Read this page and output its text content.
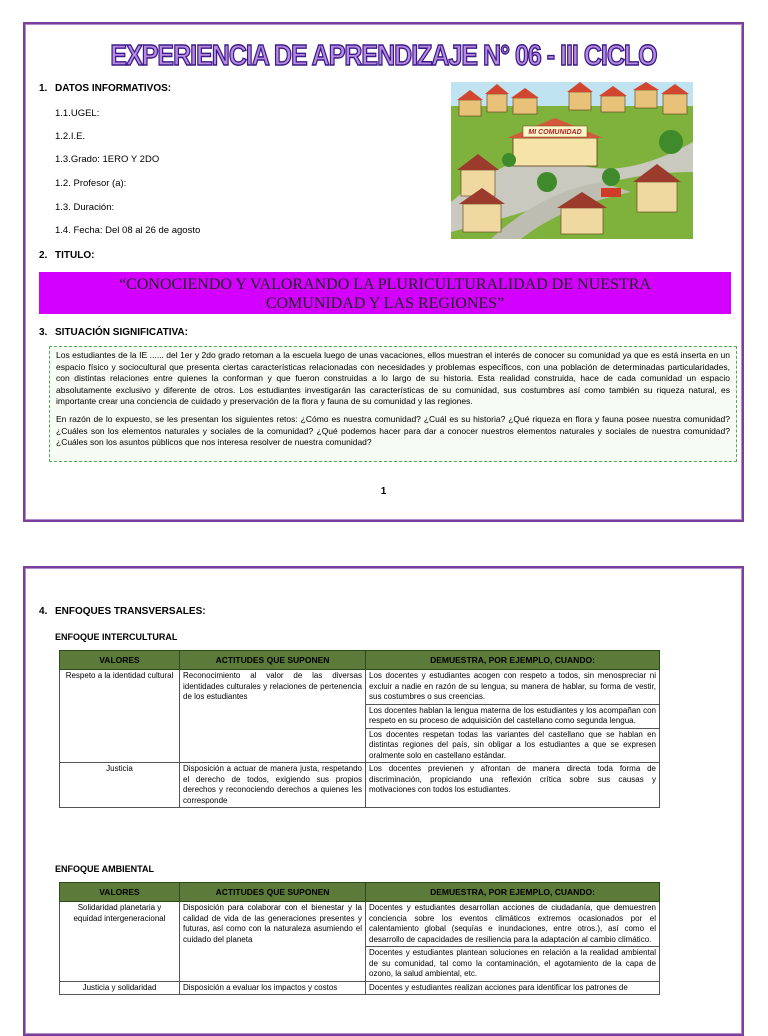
EXPERIENCIA DE APRENDIZAJE N° 06 - III CICLO
1. DATOS INFORMATIVOS:
1.1.UGEL:
1.2.I.E.
1.3.Grado: 1ERO Y 2DO
1.2. Profesor (a):
1.3. Duración:
1.4. Fecha: Del 08 al 26 de agosto
MI COMUNIDAD
2. TITULO:
“CONOCIENDO Y VALORANDO LA PLURICULTURALIDAD DE NUESTRA
COMUNIDAD Y LAS REGIONES”
3. SITUACIÓN SIGNIFICATIVA:

Los estudiantes de la IE ...... del 1er y 2do grado retoman a la escuela luego de unas vacaciones, ellos muestran el interés de conocer su comunidad ya que es está inserta en un espacio físico y sociocultural que presenta ciertas características relacionadas con necesidades y problemas específicos, con una población de determinadas particularidades, con distintas relaciones entre quienes la conforman y que fueron construidas a lo largo de su historia. Esta realidad construida, hace de cada comunidad un espacio absolutamente exclusivo y diferente de otros. Los estudiantes investigarán las características de su comunidad, sus costumbres así como también su riqueza natural, es importante crear una conciencia de cuidado y preservación de la flora y fauna de su comunidad y las regiones.

En razón de lo expuesto, se les presentan los siguientes retos: ¿Cómo es nuestra comunidad? ¿Cuál es su historia? ¿Qué riqueza en flora y fauna posee nuestra comunidad? ¿Cuáles son los elementos naturales y sociales de la comunidad? ¿Qué podemos hacer para dar a conocer nuestros elementos naturales y sociales de nuestra comunidad? ¿Cuáles son los asuntos públicos que nos interesa resolver de nuestra comunidad?

1
4. ENFOQUES TRANSVERSALES:
ENFOQUE INTERCULTURAL
VALORES	ACTITUDES QUE SUPONEN	DEMUESTRA, POR EJEMPLO, CUANDO:
Respeto a la identidad cultural	Reconocimiento al valor de las diversas identidades culturales y relaciones de pertenencia de los estudiantes	Los docentes y estudiantes acogen con respeto a todos, sin menospreciar ni excluir a nadie en razón de su lengua, su manera de hablar, su forma de vestir, sus costumbres o sus creencias.
		Los docentes hablan la lengua materna de los estudiantes y los acompañan con respeto en su proceso de adquisición del castellano como segunda lengua.
		Los docentes respetan todas las variantes del castellano que se hablan en distintas regiones del país, sin obligar a los estudiantes a que se expresen oralmente solo en castellano estándar.
Justicia	Disposición a actuar de manera justa, respetando el derecho de todos, exigiendo sus propios derechos y reconociendo derechos a quienes les corresponde	Los docentes previenen y afrontan de manera directa toda forma de discriminación, propiciando una reflexión crítica sobre sus causas y motivaciones con todos los estudiantes.
ENFOQUE AMBIENTAL
VALORES	ACTITUDES QUE SUPONEN	DEMUESTRA, POR EJEMPLO, CUANDO:
Solidaridad planetaria y equidad intergeneracional	Disposición para colaborar con el bienestar y la calidad de vida de las generaciones presentes y futuras, así como con la naturaleza asumiendo el cuidado del planeta	Docentes y estudiantes desarrollan acciones de ciudadanía, que demuestren conciencia sobre los eventos climáticos extremos ocasionados por el calentamiento global (sequías e inundaciones, entre otros.), así como el desarrollo de capacidades de resiliencia para la adaptación al cambio climático.
		Docentes y estudiantes plantean soluciones en relación a la realidad ambiental de su comunidad, tal como la contaminación, el agotamiento de la capa de ozono, la salud ambiental, etc.
Justicia y solidaridad	Disposición a evaluar los impactos y costos	Docentes y estudiantes realizan acciones para identificar los patrones de
